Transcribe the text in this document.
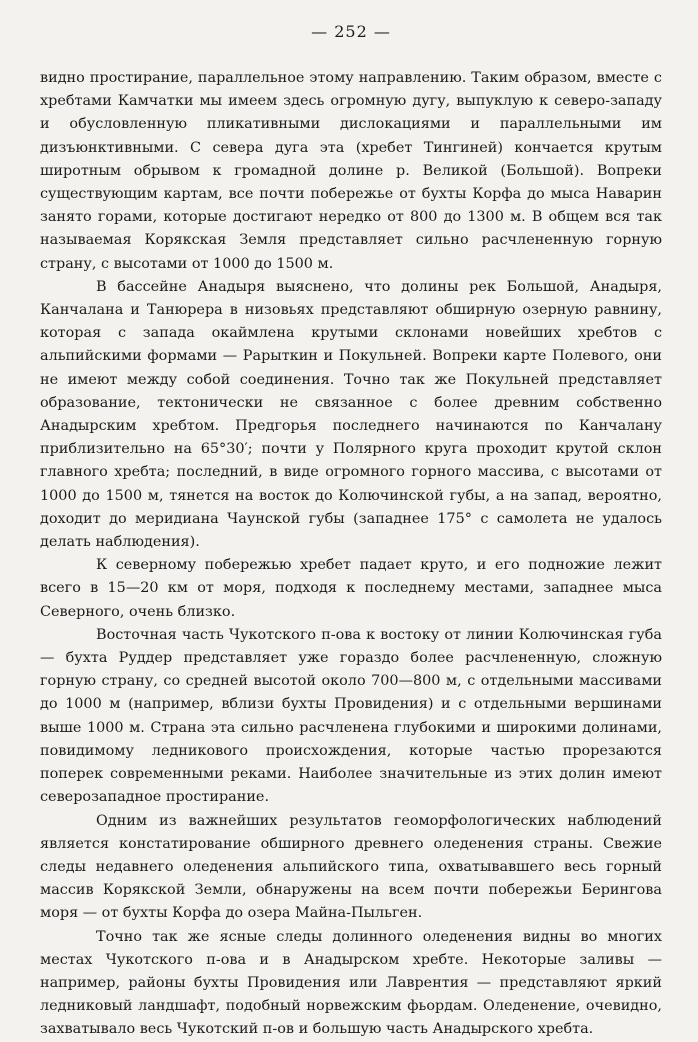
— 252 —

видно простирание, параллельное этому направлению. Таким образом, вместе с хребтами Камчатки мы имеем здесь огромную дугу, выпуклую к северо-западу и обусловленную пликативными дислокациями и параллельными им дизъюнктивными. С севера дуга эта (хребет Тингиней) кончается крутым широтным обрывом к громадной долине р. Великой (Большой). Вопреки существующим картам, все почти побережье от бухты Корфа до мыса Наварин занято горами, которые достигают нередко от 800 до 1300 м. В общем вся так называемая Корякская Земля представляет сильно расчлененную горную страну, с высотами от 1000 до 1500 м.

В бассейне Анадыря выяснено, что долины рек Большой, Анадыря, Канчалана и Танюрера в низовьях представляют обширную озерную равнину, которая с запада окаймлена крутыми склонами новейших хребтов с альпийскими формами — Рарыткин и Покульней. Вопреки карте Полевого, они не имеют между собой соединения. Точно так же Покульней представляет образование, тектонически не связанное с более древним собственно Анадырским хребтом. Предгорья последнего начинаются по Канчалану приблизительно на 65°30′; почти у Полярного круга проходит крутой склон главного хребта; последний, в виде огромного горного массива, с высотами от 1000 до 1500 м, тянется на восток до Колючинской губы, а на запад, вероятно, доходит до меридиана Чаунской губы (западнее 175° с самолета не удалось делать наблюдения).

К северному побережью хребет падает круто, и его подножие лежит всего в 15—20 км от моря, подходя к последнему местами, западнее мыса Северного, очень близко.

Восточная часть Чукотского п-ова к востоку от линии Колючинская губа — бухта Руддер представляет уже гораздо более расчлененную, сложную горную страну, со средней высотой около 700—800 м, с отдельными массивами до 1000 м (например, вблизи бухты Провидения) и с отдельными вершинами выше 1000 м. Страна эта сильно расчленена глубокими и широкими долинами, повидимому ледникового происхождения, которые частью прорезаются поперек современными реками. Наиболее значительные из этих долин имеют северозападное простирание.

Одним из важнейших результатов геоморфологических наблюдений является констатирование обширного древнего оледенения страны. Свежие следы недавнего оледенения альпийского типа, охватывавшего весь горный массив Корякской Земли, обнаружены на всем почти побережьи Берингова моря — от бухты Корфа до озера Майна-Пыльген.

Точно так же ясные следы долинного оледенения видны во многих местах Чукотского п-ова и в Анадырском хребте. Некоторые заливы — например, районы бухты Провидения или Лаврентия — представляют яркий ледниковый ландшафт, подобный норвежским фьордам. Оледенение, очевидно, захватывало весь Чукотский п-ов и большую часть Анадырского хребта.
